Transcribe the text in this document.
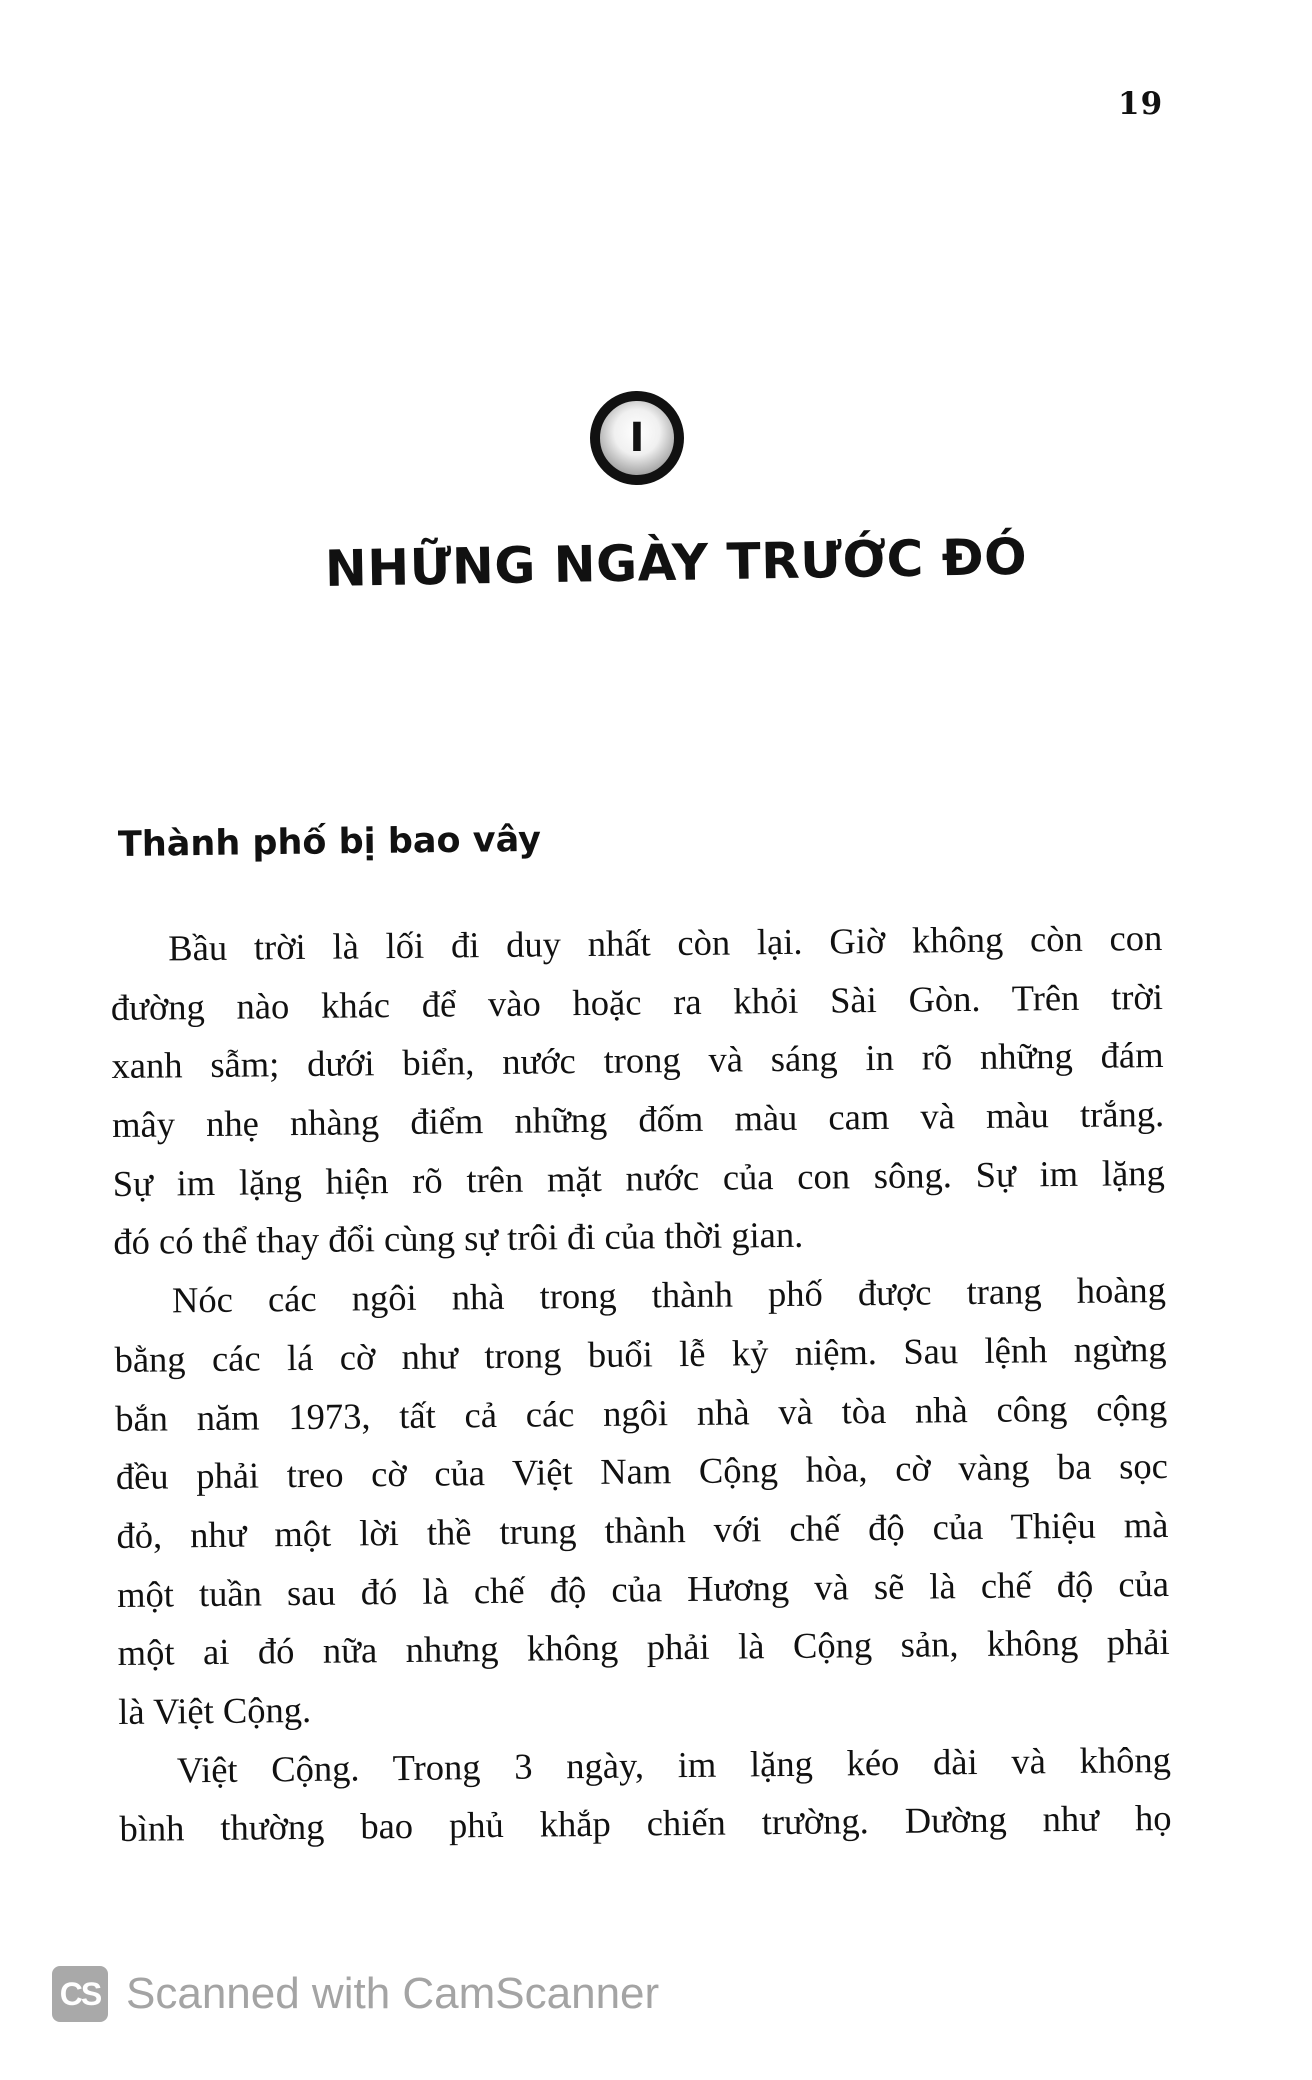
19
I
NHỮNG NGÀY TRƯỚC ĐÓ
Thành phố bị bao vây
Bầu trời là lối đi duy nhất còn lại. Giờ không còn con
đường nào khác để vào hoặc ra khỏi Sài Gòn. Trên trời
xanh sẫm; dưới biển, nước trong và sáng in rõ những đám
mây nhẹ nhàng điểm những đốm màu cam và màu trắng.
Sự im lặng hiện rõ trên mặt nước của con sông. Sự im lặng
đó có thể thay đổi cùng sự trôi đi của thời gian.
Nóc các ngôi nhà trong thành phố được trang hoàng
bằng các lá cờ như trong buổi lễ kỷ niệm. Sau lệnh ngừng
bắn năm 1973, tất cả các ngôi nhà và tòa nhà công cộng
đều phải treo cờ của Việt Nam Cộng hòa, cờ vàng ba sọc
đỏ, như một lời thề trung thành với chế độ của Thiệu mà
một tuần sau đó là chế độ của Hương và sẽ là chế độ của
một ai đó nữa nhưng không phải là Cộng sản, không phải
là Việt Cộng.
Việt Cộng. Trong 3 ngày, im lặng kéo dài và không
bình thường bao phủ khắp chiến trường. Dường như họ
CS Scanned with CamScanner
